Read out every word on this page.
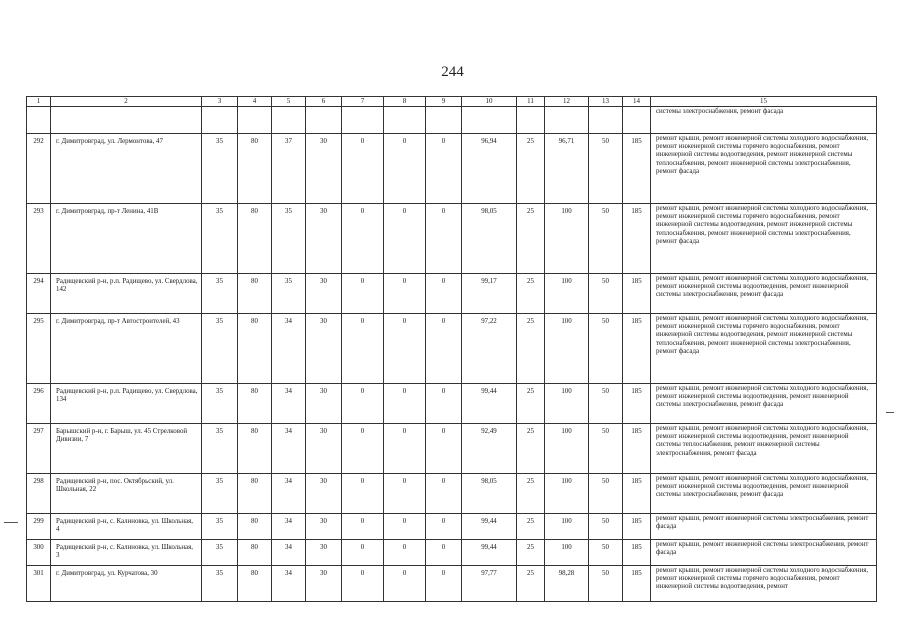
244
1	2	3	4	5	6	7	8	9	10	11	12	13	14	15
														системы электроснабжения, ремонт фасада
292	г. Димитровград, ул. Лермонтова, 47	35	80	37	30	0	0	0	96,94	25	96,71	50	185	ремонт крыши, ремонт инженерной системы холодного водоснабжения, ремонт инженерной системы горячего водоснабжения, ремонт инженерной системы водоотведения, ремонт инженерной системы теплоснабжения, ремонт инженерной системы электроснабжения, ремонт фасада
293	г. Димитровград, пр-т Ленина, 41В	35	80	35	30	0	0	0	98,05	25	100	50	185	ремонт крыши, ремонт инженерной системы холодного водоснабжения, ремонт инженерной системы горячего водоснабжения, ремонт инженерной системы водоотведения, ремонт инженерной системы теплоснабжения, ремонт инженерной системы электроснабжения, ремонт фасада
294	Радищевский р-н, р.п. Радищево, ул. Свердлова, 142	35	80	35	30	0	0	0	99,17	25	100	50	185	ремонт крыши, ремонт инженерной системы холодного водоснабжения, ремонт инженерной системы водоотведения, ремонт инженерной системы электроснабжения, ремонт фасада
295	г. Димитровград, пр-т Автостроителей, 43	35	80	34	30	0	0	0	97,22	25	100	50	185	ремонт крыши, ремонт инженерной системы холодного водоснабжения, ремонт инженерной системы горячего водоснабжения, ремонт инженерной системы водоотведения, ремонт инженерной системы теплоснабжения, ремонт инженерной системы электроснабжения, ремонт фасада
296	Радищевский р-н, р.п. Радищево, ул. Свердлова, 134	35	80	34	30	0	0	0	99,44	25	100	50	185	ремонт крыши, ремонт инженерной системы холодного водоснабжения, ремонт инженерной системы водоотведения, ремонт инженерной системы электроснабжения, ремонт фасада
297	Барышский р-н, г. Барыш, ул. 45 Стрелковой Дивизии, 7	35	80	34	30	0	0	0	92,49	25	100	50	185	ремонт крыши, ремонт инженерной системы холодного водоснабжения, ремонт инженерной системы водоотведения, ремонт инженерной системы теплоснабжения, ремонт инженерной системы электроснабжения, ремонт фасада
298	Радищевский р-н, пос. Октябрьский, ул. Школьная, 22	35	80	34	30	0	0	0	98,05	25	100	50	185	ремонт крыши, ремонт инженерной системы холодного водоснабжения, ремонт инженерной системы водоотведения, ремонт инженерной системы электроснабжения, ремонт фасада
299	Радищевский р-н, с. Калиновка, ул. Школьная, 4	35	80	34	30	0	0	0	99,44	25	100	50	185	ремонт крыши, ремонт инженерной системы электроснабжения, ремонт фасада
300	Радищевский р-н, с. Калиновка, ул. Школьная, 3	35	80	34	30	0	0	0	99,44	25	100	50	185	ремонт крыши, ремонт инженерной системы электроснабжения, ремонт фасада
301	г. Димитровград, ул. Курчатова, 30	35	80	34	30	0	0	0	97,77	25	98,28	50	185	ремонт крыши, ремонт инженерной системы холодного водоснабжения, ремонт инженерной системы горячего водоснабжения, ремонт инженерной системы водоотведения, ремонт
